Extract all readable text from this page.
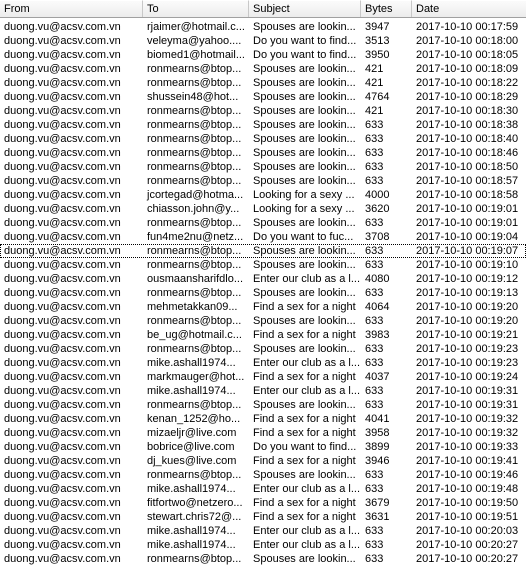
From	To	Subject	Bytes	Date
duong.vu@acsv.com.vn	rjaimer@hotmail.c... Spouses are lookin... 3947	2017-10-10 00:17:59
duong.vu@acsv.com.vn	veleyma@yahoo....	Do you want to find... 3513	2017-10-10 00:18:00
duong.vu@acsv.com.vn	biomed1@hotmail... Do you want to find... 3950	2017-10-10 00:18:05
duong.vu@acsv.com.vn	ronmearns@btop...	Spouses are lookin... 421	2017-10-10 00:18:09
duong.vu@acsv.com.vn	ronmearns@btop...	Spouses are lookin... 421	2017-10-10 00:18:22
duong.vu@acsv.com.vn	shussein48@hot...	Spouses are lookin... 4764	2017-10-10 00:18:29
duong.vu@acsv.com.vn	ronmearns@btop...	Spouses are lookin... 421	2017-10-10 00:18:30
duong.vu@acsv.com.vn	ronmearns@btop...	Spouses are lookin... 633	2017-10-10 00:18:38
duong.vu@acsv.com.vn	ronmearns@btop...	Spouses are lookin... 633	2017-10-10 00:18:40
duong.vu@acsv.com.vn	ronmearns@btop...	Spouses are lookin... 633	2017-10-10 00:18:46
duong.vu@acsv.com.vn	ronmearns@btop...	Spouses are lookin... 633	2017-10-10 00:18:50
duong.vu@acsv.com.vn	ronmearns@btop...	Spouses are lookin... 633	2017-10-10 00:18:57
duong.vu@acsv.com.vn	jcortegad@hotma... Looking for a sexy ... 4000	2017-10-10 00:18:58
duong.vu@acsv.com.vn	chiasson.john@y...	Looking for a sexy ... 3620	2017-10-10 00:19:01
duong.vu@acsv.com.vn	ronmearns@btop...	Spouses are lookin... 633	2017-10-10 00:19:01
duong.vu@acsv.com.vn	fun4me2nu@netz... Do you want to fuc...	3708	2017-10-10 00:19:04
duong.vu@acsv.com.vn	ronmearns@btop...	Spouses are lookin... 633	2017-10-10 00:19:07
duong.vu@acsv.com.vn	ronmearns@btop...	Spouses are lookin... 633	2017-10-10 00:19:10
duong.vu@acsv.com.vn	ousmaansharifdlo... Enter our club as a l... 4080	2017-10-10 00:19:12
duong.vu@acsv.com.vn	ronmearns@btop...	Spouses are lookin... 633	2017-10-10 00:19:13
duong.vu@acsv.com.vn	mehmetakkan09...	Find a sex for a night 4064	2017-10-10 00:19:20
duong.vu@acsv.com.vn	ronmearns@btop...	Spouses are lookin... 633	2017-10-10 00:19:20
duong.vu@acsv.com.vn	be_ug@hotmail.c...	Find a sex for a night 3983	2017-10-10 00:19:21
duong.vu@acsv.com.vn	ronmearns@btop...	Spouses are lookin... 633	2017-10-10 00:19:23
duong.vu@acsv.com.vn	mike.ashall1974...	Enter our club as a l... 633	2017-10-10 00:19:23
duong.vu@acsv.com.vn	markmauger@hot... Find a sex for a night 4037	2017-10-10 00:19:24
duong.vu@acsv.com.vn	mike.ashall1974...	Enter our club as a l... 633	2017-10-10 00:19:31
duong.vu@acsv.com.vn	ronmearns@btop...	Spouses are lookin... 633	2017-10-10 00:19:31
duong.vu@acsv.com.vn	kenan_1252@ho...	Find a sex for a night 4041	2017-10-10 00:19:32
duong.vu@acsv.com.vn	mizaeljr@live.com	Find a sex for a night 3958	2017-10-10 00:19:32
duong.vu@acsv.com.vn	bobrice@live.com	Do you want to find... 3899	2017-10-10 00:19:33
duong.vu@acsv.com.vn	dj_kues@live.com	Find a sex for a night 3946	2017-10-10 00:19:41
duong.vu@acsv.com.vn	ronmearns@btop...	Spouses are lookin... 633	2017-10-10 00:19:46
duong.vu@acsv.com.vn	mike.ashall1974...	Enter our club as a l... 633	2017-10-10 00:19:48
duong.vu@acsv.com.vn	fitfortwo@netzero... Find a sex for a night 3679	2017-10-10 00:19:50
duong.vu@acsv.com.vn	stewart.chris72@...	Find a sex for a night 3631	2017-10-10 00:19:51
duong.vu@acsv.com.vn	mike.ashall1974...	Enter our club as a l... 633	2017-10-10 00:20:03
duong.vu@acsv.com.vn	mike.ashall1974...	Enter our club as a l... 633	2017-10-10 00:20:27
duong.vu@acsv.com.vn	ronmearns@btop...	Spouses are lookin... 633	2017-10-10 00:20:27
